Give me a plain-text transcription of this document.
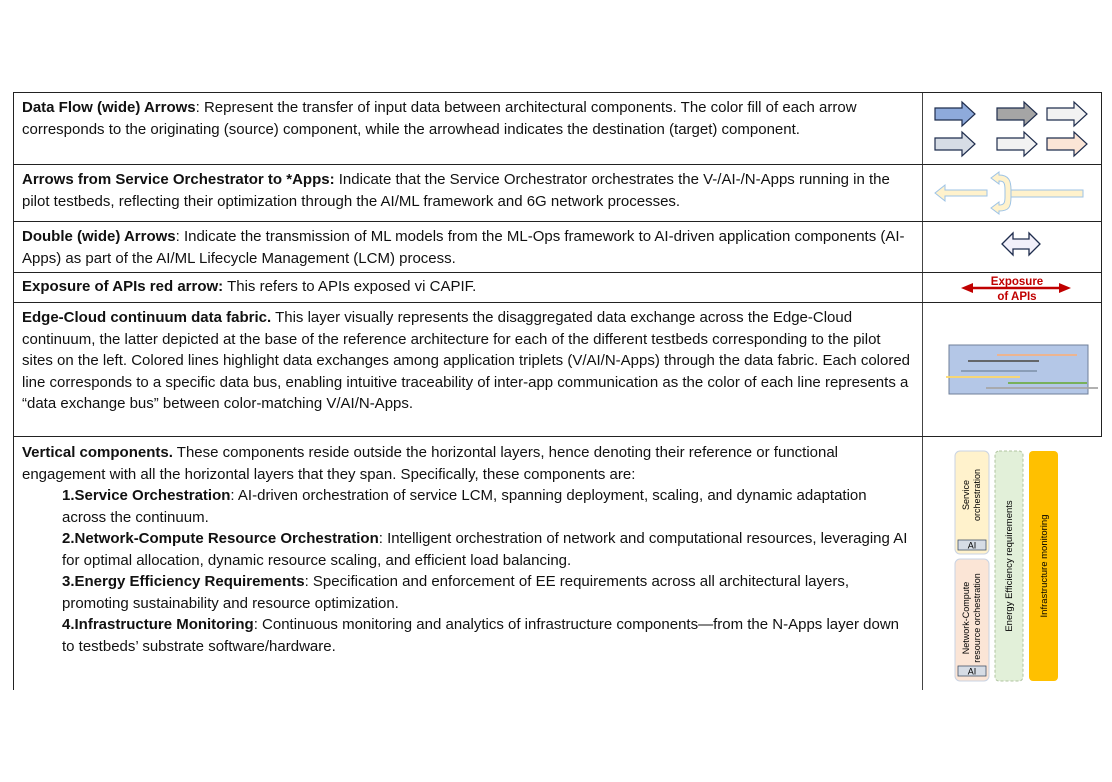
Data Flow (wide) Arrows: Represent the transfer of input data between architectural components. The color fill of each arrow corresponds to the originating (source) component, while the arrowhead indicates the destination (target) component.
Arrows from Service Orchestrator to *Apps: Indicate that the Service Orchestrator orchestrates the V-/AI-/N-Apps running in the pilot testbeds, reflecting their optimization through the AI/ML framework and 6G network processes.
Double (wide) Arrows: Indicate the transmission of ML models from the ML-Ops framework to AI-driven application components (AI-Apps) as part of the AI/ML Lifecycle Management (LCM) process.
Exposure of APIs red arrow: This refers to APIs exposed vi CAPIF.	Exposure
of APIs
Edge-Cloud continuum data fabric. This layer visually represents the disaggregated data exchange across the Edge-Cloud continuum, the latter depicted at the base of the reference architecture for each of the different testbeds corresponding to the pilot sites on the left. Colored lines highlight data exchanges among application triplets (V/AI/N-Apps) through the data fabric. Each colored line corresponds to a specific data bus, enabling intuitive traceability of inter-app communication as the color of each line represents a “data exchange bus” between color-matching V/AI/N-Apps.
Vertical components. These components reside outside the horizontal layers, hence denoting their reference or functional engagement with all the horizontal layers that they span. Specifically, these components are:
1.Service Orchestration: AI-driven orchestration of service LCM, spanning deployment, scaling, and dynamic adaptation across the continuum.
2.Network-Compute Resource Orchestration: Intelligent orchestration of network and computational resources, leveraging AI for optimal allocation, dynamic resource scaling, and efficient load balancing.
3.Energy Efficiency Requirements: Specification and enforcement of EE requirements across all architectural layers, promoting sustainability and resource optimization.
4.Infrastructure Monitoring: Continuous monitoring and analytics of infrastructure components—from the N-Apps layer down to testbeds’ substrate software/hardware.
Service orchestration
AI
Network-Compute resource orchestration
AI
Energy Efficiency requirements	Infrastructure monitoring
